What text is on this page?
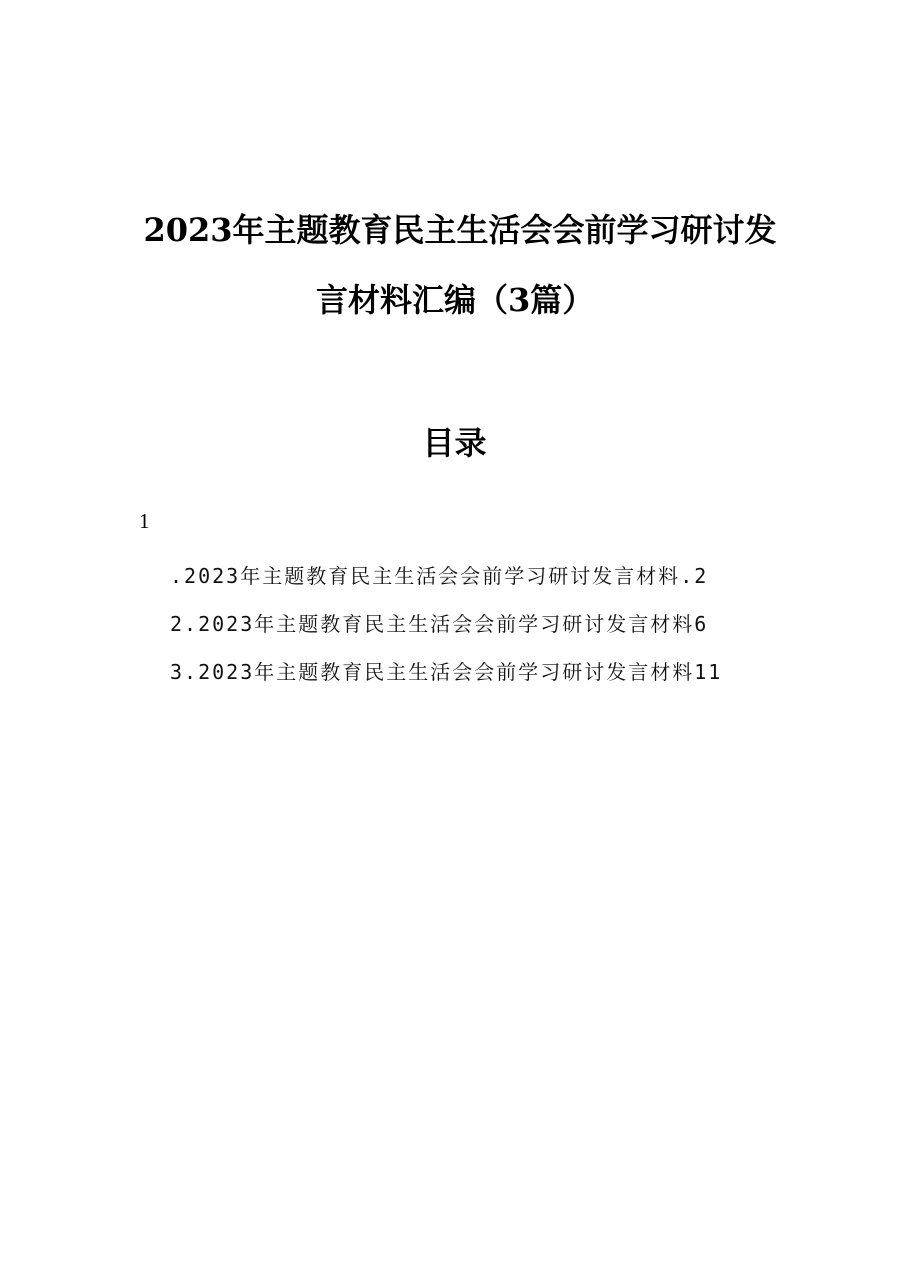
2023年主题教育民主生活会会前学习研讨发
言材料汇编（3篇）
目录
1
.2023年主题教育民主生活会会前学习研讨发言材料.2
2.2023年主题教育民主生活会会前学习研讨发言材料6
3.2023年主题教育民主生活会会前学习研讨发言材料11
